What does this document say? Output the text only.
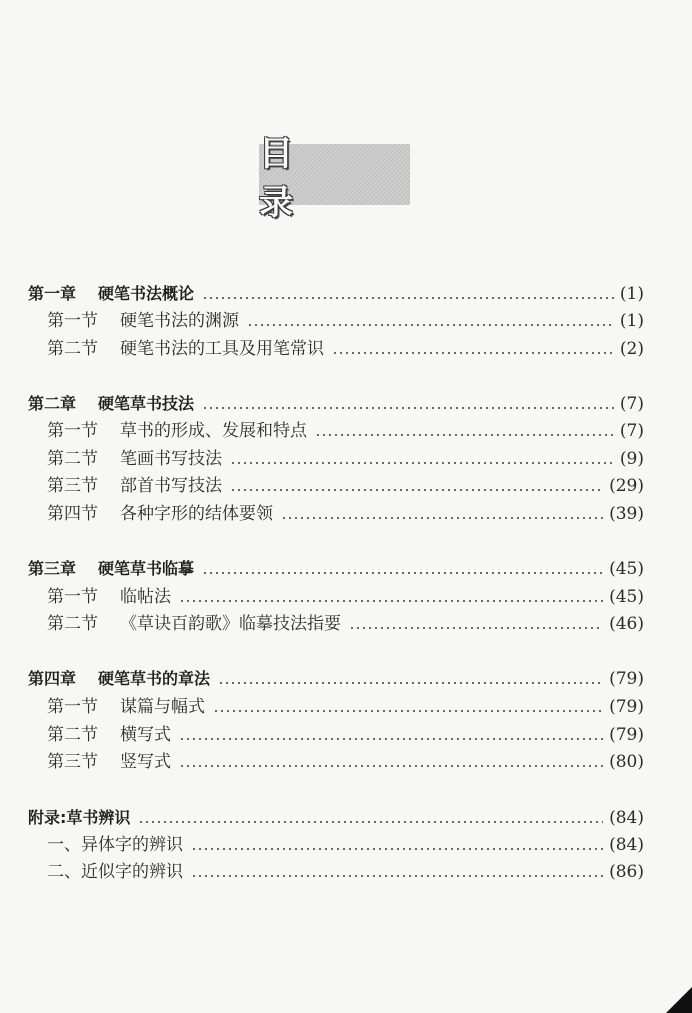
目 录
第一章 硬笔书法概论	(1)
第一节 硬笔书法的渊源	(1)
第二节 硬笔书法的工具及用笔常识	(2)
第二章 硬笔草书技法	(7)
第一节 草书的形成、发展和特点	(7)
第二节 笔画书写技法	(9)
第三节 部首书写技法	(29)
第四节 各种字形的结体要领	(39)
第三章 硬笔草书临摹	(45)
第一节 临帖法	(45)
第二节 《草诀百韵歌》临摹技法指要	(46)
第四章 硬笔草书的章法	(79)
第一节 谋篇与幅式	(79)
第二节 横写式	(79)
第三节 竖写式	(80)
附录:草书辨识	(84)
一、异体字的辨识	(84)
二、近似字的辨识	(86)
